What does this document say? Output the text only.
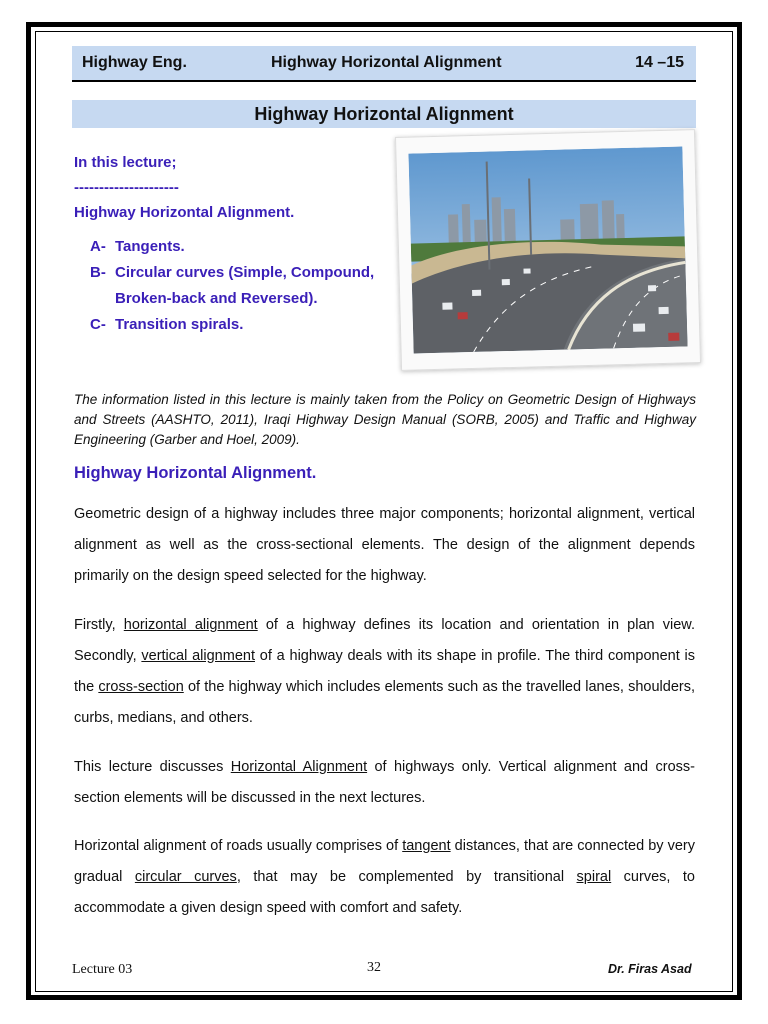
Highway Eng.	Highway Horizontal Alignment	14 –15
Highway Horizontal Alignment
In this lecture;
---------------------
Highway Horizontal Alignment.
A- Tangents.
B- Circular curves (Simple, Compound, Broken-back and Reversed).
C- Transition spirals.
The information listed in this lecture is mainly taken from the Policy on Geometric Design of Highways and Streets (AASHTO, 2011), Iraqi Highway Design Manual (SORB, 2005) and Traffic and Highway Engineering (Garber and Hoel, 2009).
Highway Horizontal Alignment.
Geometric design of a highway includes three major components; horizontal alignment, vertical alignment as well as the cross-sectional elements. The design of the alignment depends primarily on the design speed selected for the highway.
Firstly, horizontal alignment of a highway defines its location and orientation in plan view. Secondly, vertical alignment of a highway deals with its shape in profile. The third component is the cross-section of the highway which includes elements such as the travelled lanes, shoulders, curbs, medians, and others.
This lecture discusses Horizontal Alignment of highways only. Vertical alignment and cross- section elements will be discussed in the next lectures.
Horizontal alignment of roads usually comprises of tangent distances, that are connected by very gradual circular curves, that may be complemented by transitional spiral curves, to accommodate a given design speed with comfort and safety.
Lecture 03	32	Dr. Firas Asad
